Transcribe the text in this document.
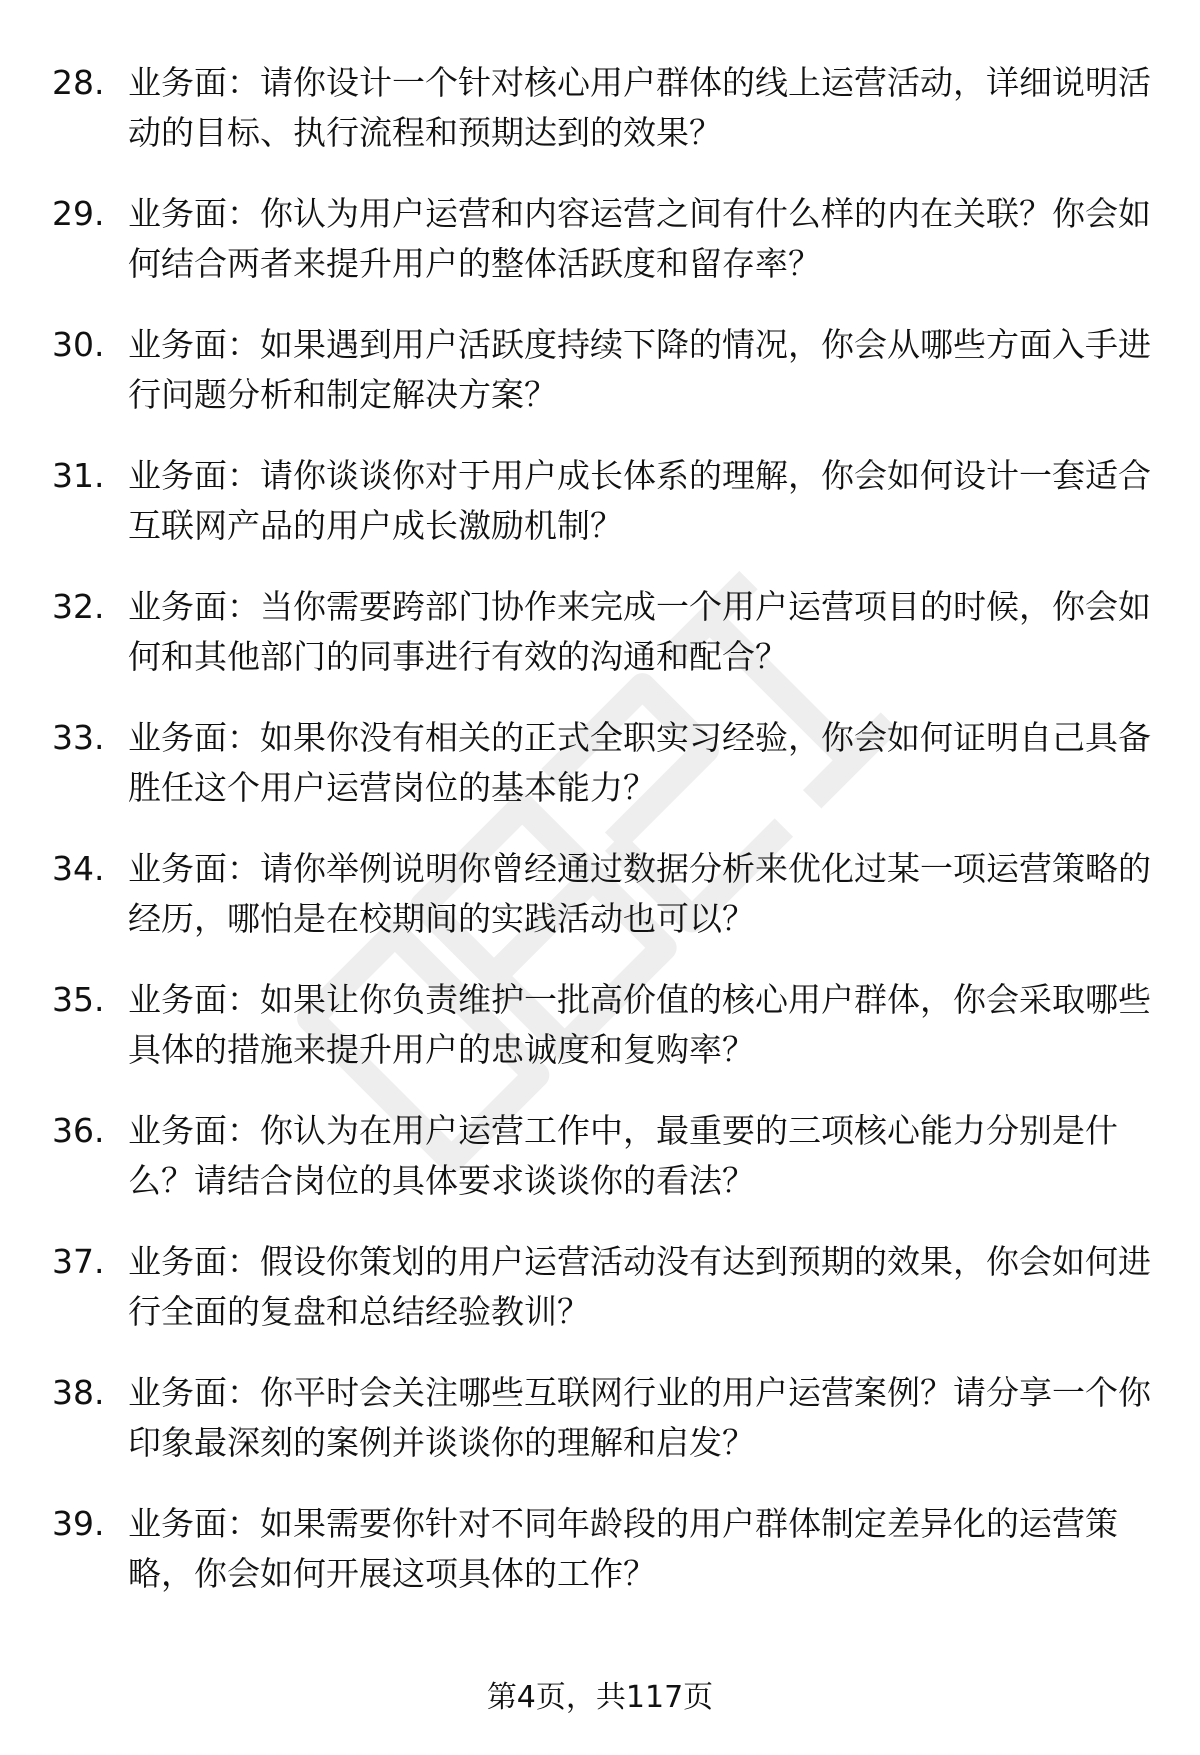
28. 业务面：请你设计一个针对核心用户群体的线上运营活动，详细说明活动的目标、执行流程和预期达到的效果？
29. 业务面：你认为用户运营和内容运营之间有什么样的内在关联？你会如何结合两者来提升用户的整体活跃度和留存率？
30. 业务面：如果遇到用户活跃度持续下降的情况，你会从哪些方面入手进行问题分析和制定解决方案？
31. 业务面：请你谈谈你对于用户成长体系的理解，你会如何设计一套适合互联网产品的用户成长激励机制？
32. 业务面：当你需要跨部门协作来完成一个用户运营项目的时候，你会如何和其他部门的同事进行有效的沟通和配合？
33. 业务面：如果你没有相关的正式全职实习经验，你会如何证明自己具备胜任这个用户运营岗位的基本能力？
34. 业务面：请你举例说明你曾经通过数据分析来优化过某一项运营策略的经历，哪怕是在校期间的实践活动也可以？
35. 业务面：如果让你负责维护一批高价值的核心用户群体，你会采取哪些具体的措施来提升用户的忠诚度和复购率？
36. 业务面：你认为在用户运营工作中，最重要的三项核心能力分别是什么？请结合岗位的具体要求谈谈你的看法？
37. 业务面：假设你策划的用户运营活动没有达到预期的效果，你会如何进行全面的复盘和总结经验教训？
38. 业务面：你平时会关注哪些互联网行业的用户运营案例？请分享一个你印象最深刻的案例并谈谈你的理解和启发？
39. 业务面：如果需要你针对不同年龄段的用户群体制定差异化的运营策略，你会如何开展这项具体的工作？
第4页，共117页
